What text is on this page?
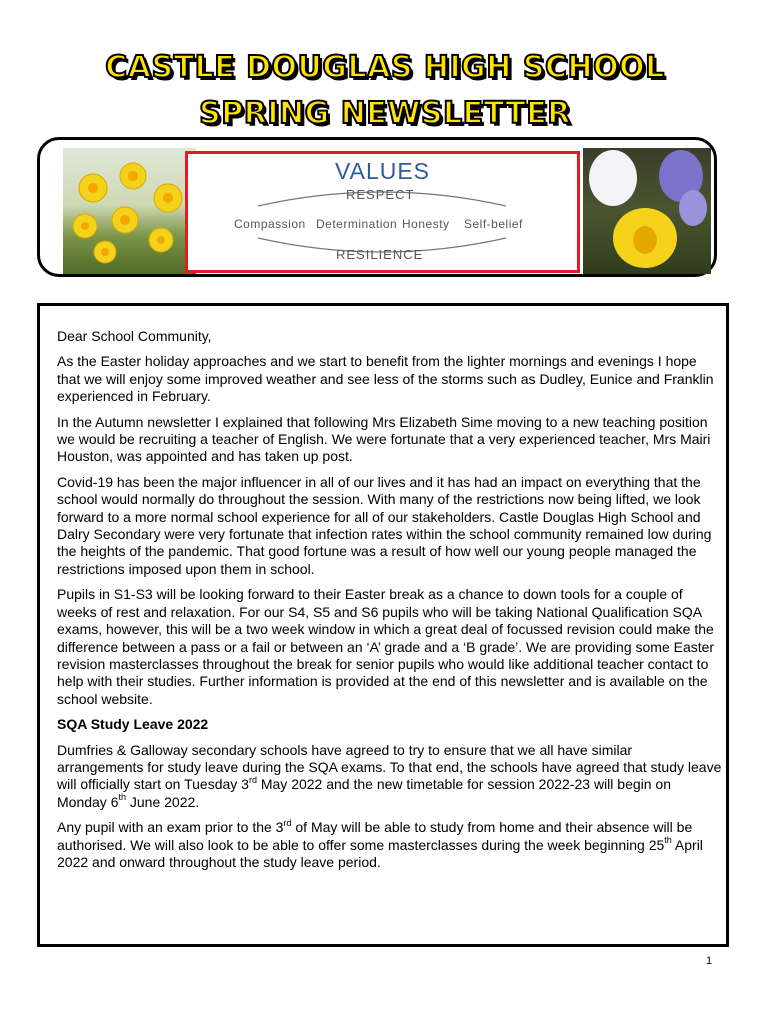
CASTLE DOUGLAS HIGH SCHOOL
SPRING NEWSLETTER
VALUES
RESPECT
Compassion Determination Honesty Self-belief
RESILIENCE

Dear School Community,

As the Easter holiday approaches and we start to benefit from the lighter mornings and evenings I hope that we will enjoy some improved weather and see less of the storms such as Dudley, Eunice and Franklin experienced in February.

In the Autumn newsletter I explained that following Mrs Elizabeth Sime moving to a new teaching position we would be recruiting a teacher of English. We were fortunate that a very experienced teacher, Mrs Mairi Houston, was appointed and has taken up post.

Covid-19 has been the major influencer in all of our lives and it has had an impact on everything that the school would normally do throughout the session. With many of the restrictions now being lifted, we look forward to a more normal school experience for all of our stakeholders. Castle Douglas High School and Dalry Secondary were very fortunate that infection rates within the school community remained low during the heights of the pandemic. That good fortune was a result of how well our young people managed the restrictions imposed upon them in school.

Pupils in S1-S3 will be looking forward to their Easter break as a chance to down tools for a couple of weeks of rest and relaxation. For our S4, S5 and S6 pupils who will be taking National Qualification SQA exams, however, this will be a two week window in which a great deal of focussed revision could make the difference between a pass or a fail or between an ‘A’ grade and a ‘B grade’. We are providing some Easter revision masterclasses throughout the break for senior pupils who would like additional teacher contact to help with their studies. Further information is provided at the end of this newsletter and is available on the school website.

SQA Study Leave 2022

Dumfries & Galloway secondary schools have agreed to try to ensure that we all have similar arrangements for study leave during the SQA exams. To that end, the schools have agreed that study leave will officially start on Tuesday 3rd May 2022 and the new timetable for session 2022-23 will begin on Monday 6th June 2022.

Any pupil with an exam prior to the 3rd of May will be able to study from home and their absence will be authorised. We will also look to be able to offer some masterclasses during the week beginning 25th April 2022 and onward throughout the study leave period.

1
